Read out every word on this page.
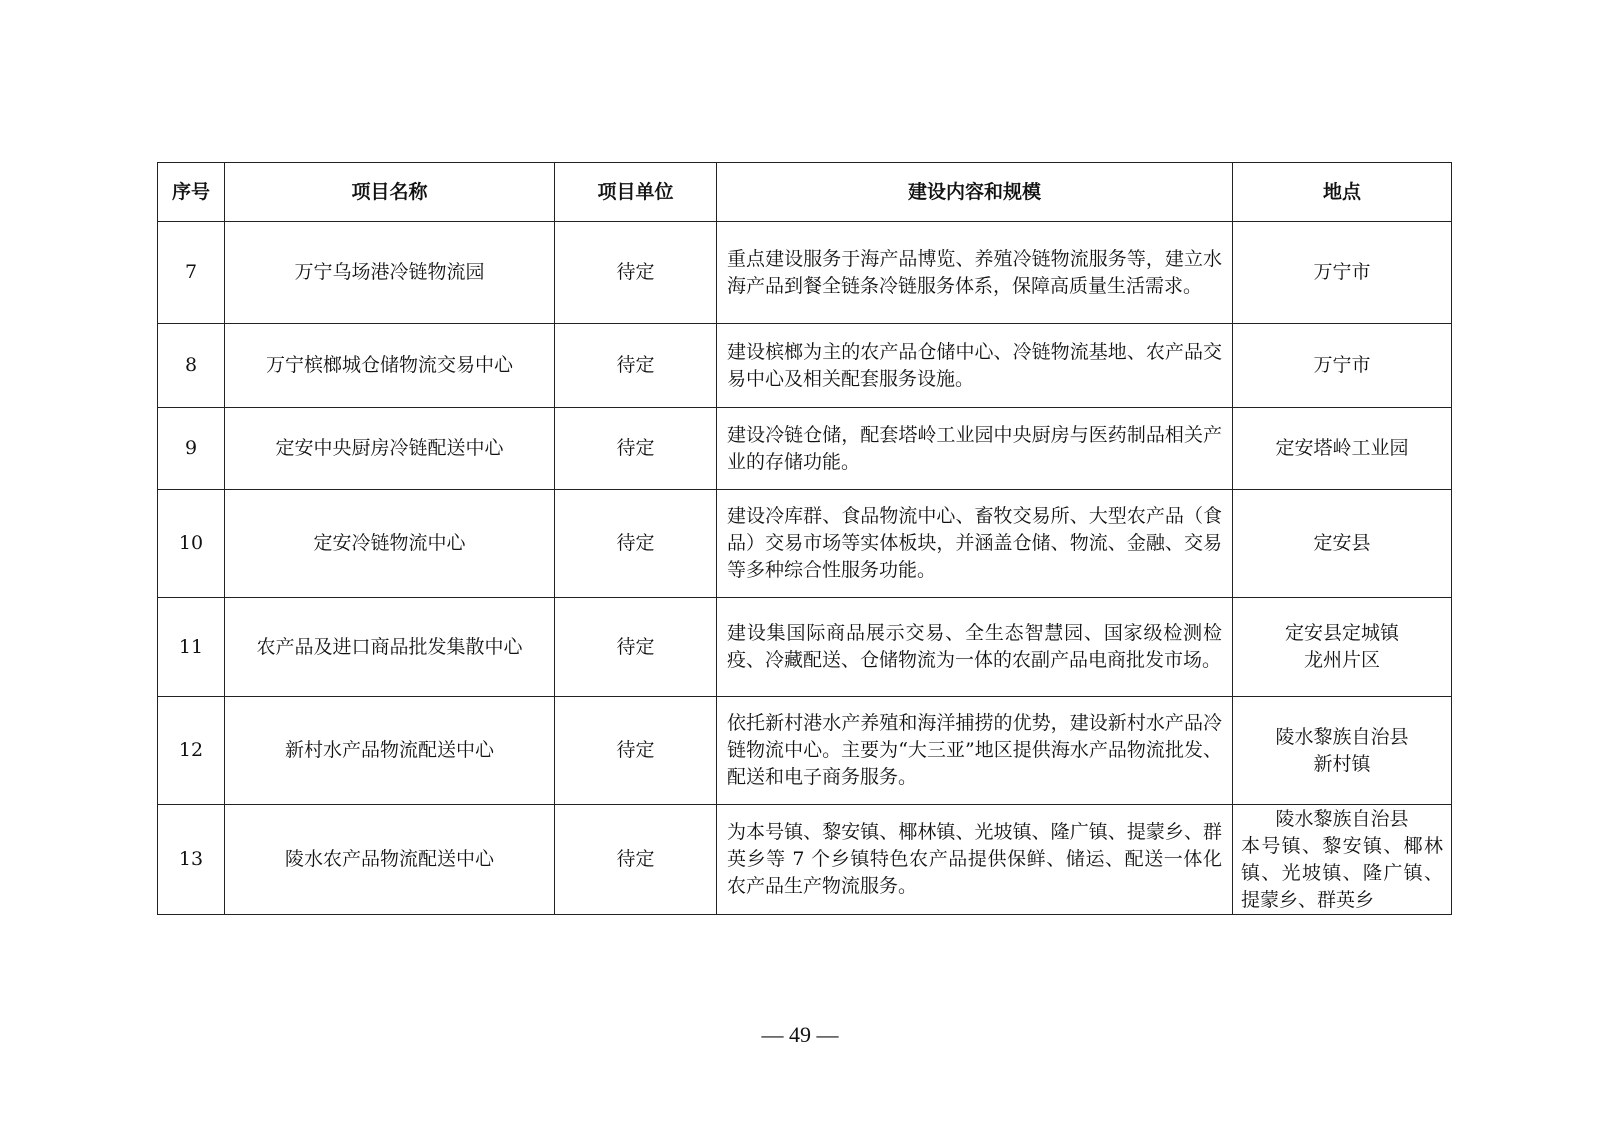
序号	项目名称	项目单位	建设内容和规模	地点
7	万宁乌场港冷链物流园	待定	重点建设服务于海产品博览、养殖冷链物流服务等，建立水海产品到餐全链条冷链服务体系，保障高质量生活需求。	万宁市

8	万宁槟榔城仓储物流交易中心	待定	建设槟榔为主的农产品仓储中心、冷链物流基地、农产品交易中心及相关配套服务设施。	万宁市

9	定安中央厨房冷链配送中心	待定	建设冷链仓储，配套塔岭工业园中央厨房与医药制品相关产业的存储功能。	定安塔岭工业园

10	定安冷链物流中心	待定	建设冷库群、食品物流中心、畜牧交易所、大型农产品（食品）交易市场等实体板块，并涵盖仓储、物流、金融、交易等多种综合性服务功能。	定安县

11	农产品及进口商品批发集散中心	待定	建设集国际商品展示交易、全生态智慧园、国家级检测检疫、冷藏配送、仓储物流为一体的农副产品电商批发市场。	定安县定城镇
龙州片区

12	新村水产品物流配送中心	待定	依托新村港水产养殖和海洋捕捞的优势，建设新村水产品冷链物流中心。主要为“大三亚”地区提供海水产品物流批发、配送和电子商务服务。	陵水黎族自治县
新村镇

13	陵水农产品物流配送中心	待定	为本号镇、黎安镇、椰林镇、光坡镇、隆广镇、提蒙乡、群英乡等 7 个乡镇特色农产品提供保鲜、储运、配送一体化农产品生产物流服务。	陵水黎族自治县
本号镇、黎安镇、椰林镇、光坡镇、隆广镇、提蒙乡、群英乡
— 49 —
